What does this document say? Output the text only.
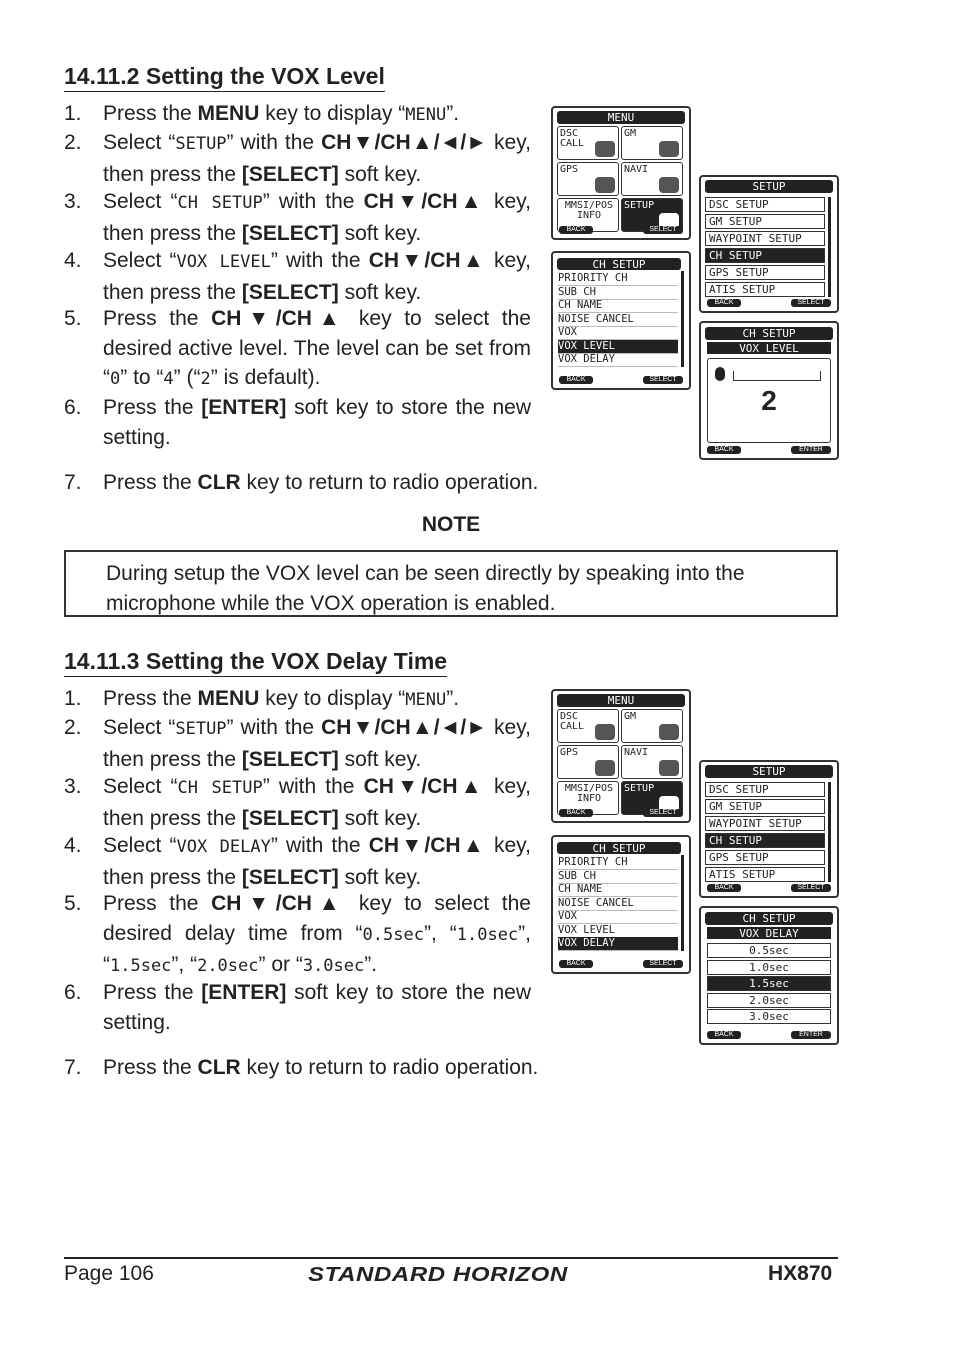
14.11.2 Setting the VOX Level
1. Press the MENU key to display “MENU”.
2. Select “SETUP” with the CH▼/CH▲/◄/► key, then press the [SELECT] soft key.
3. Select “CH SETUP” with the CH▼/CH▲ key, then press the [SELECT] soft key.
4. Select “VOX LEVEL” with the CH▼/CH▲ key, then press the [SELECT] soft key.
5. Press the CH▼/CH▲ key to select the desired active level. The level can be set from “0” to “4” (“2” is default).
6. Press the [ENTER] soft key to store the new setting.
7. Press the CLR key to return to radio operation.
NOTE
During setup the VOX level can be seen directly by speaking into the microphone while the VOX operation is enabled.
14.11.3 Setting the VOX Delay Time
1. Press the MENU key to display “MENU”.
2. Select “SETUP” with the CH▼/CH▲/◄/► key, then press the [SELECT] soft key.
3. Select “CH SETUP” with the CH▼/CH▲ key, then press the [SELECT] soft key.
4. Select “VOX DELAY” with the CH▼/CH▲ key, then press the [SELECT] soft key.
5. Press the CH▼/CH▲ key to select the desired delay time from “0.5sec”, “1.0sec”, “1.5sec”, “2.0sec” or “3.0sec”.
6. Press the [ENTER] soft key to store the new setting.
7. Press the CLR key to return to radio operation.
MENU
DSC CALL
GM
GPS	NAVI
MMSI/POS INFO
SETUP
BACK	SELECT
SETUP
DSC SETUP
GM SETUP
WAYPOINT SETUP
CH SETUP
GPS SETUP
ATIS SETUP
BACK	SELECT
CH SETUP
PRIORITY CH
SUB CH
CH NAME
NOISE CANCEL
VOX
VOX LEVEL
VOX DELAY
BACK	SELECT
CH SETUP
VOX LEVEL
2
BACK	ENTER
MENU
DSC CALL
GM
GPS	NAVI
MMSI/POS INFO
SETUP
BACK	SELECT
SETUP
DSC SETUP
GM SETUP
WAYPOINT SETUP
CH SETUP
GPS SETUP
ATIS SETUP
BACK	SELECT
CH SETUP
PRIORITY CH
SUB CH
CH NAME
NOISE CANCEL
VOX
VOX LEVEL
VOX DELAY
BACK	SELECT
CH SETUP
VOX DELAY
0.5sec
1.0sec
1.5sec
2.0sec
3.0sec
BACK	ENTER
Page 106	STANDARD HORIZON	HX870
